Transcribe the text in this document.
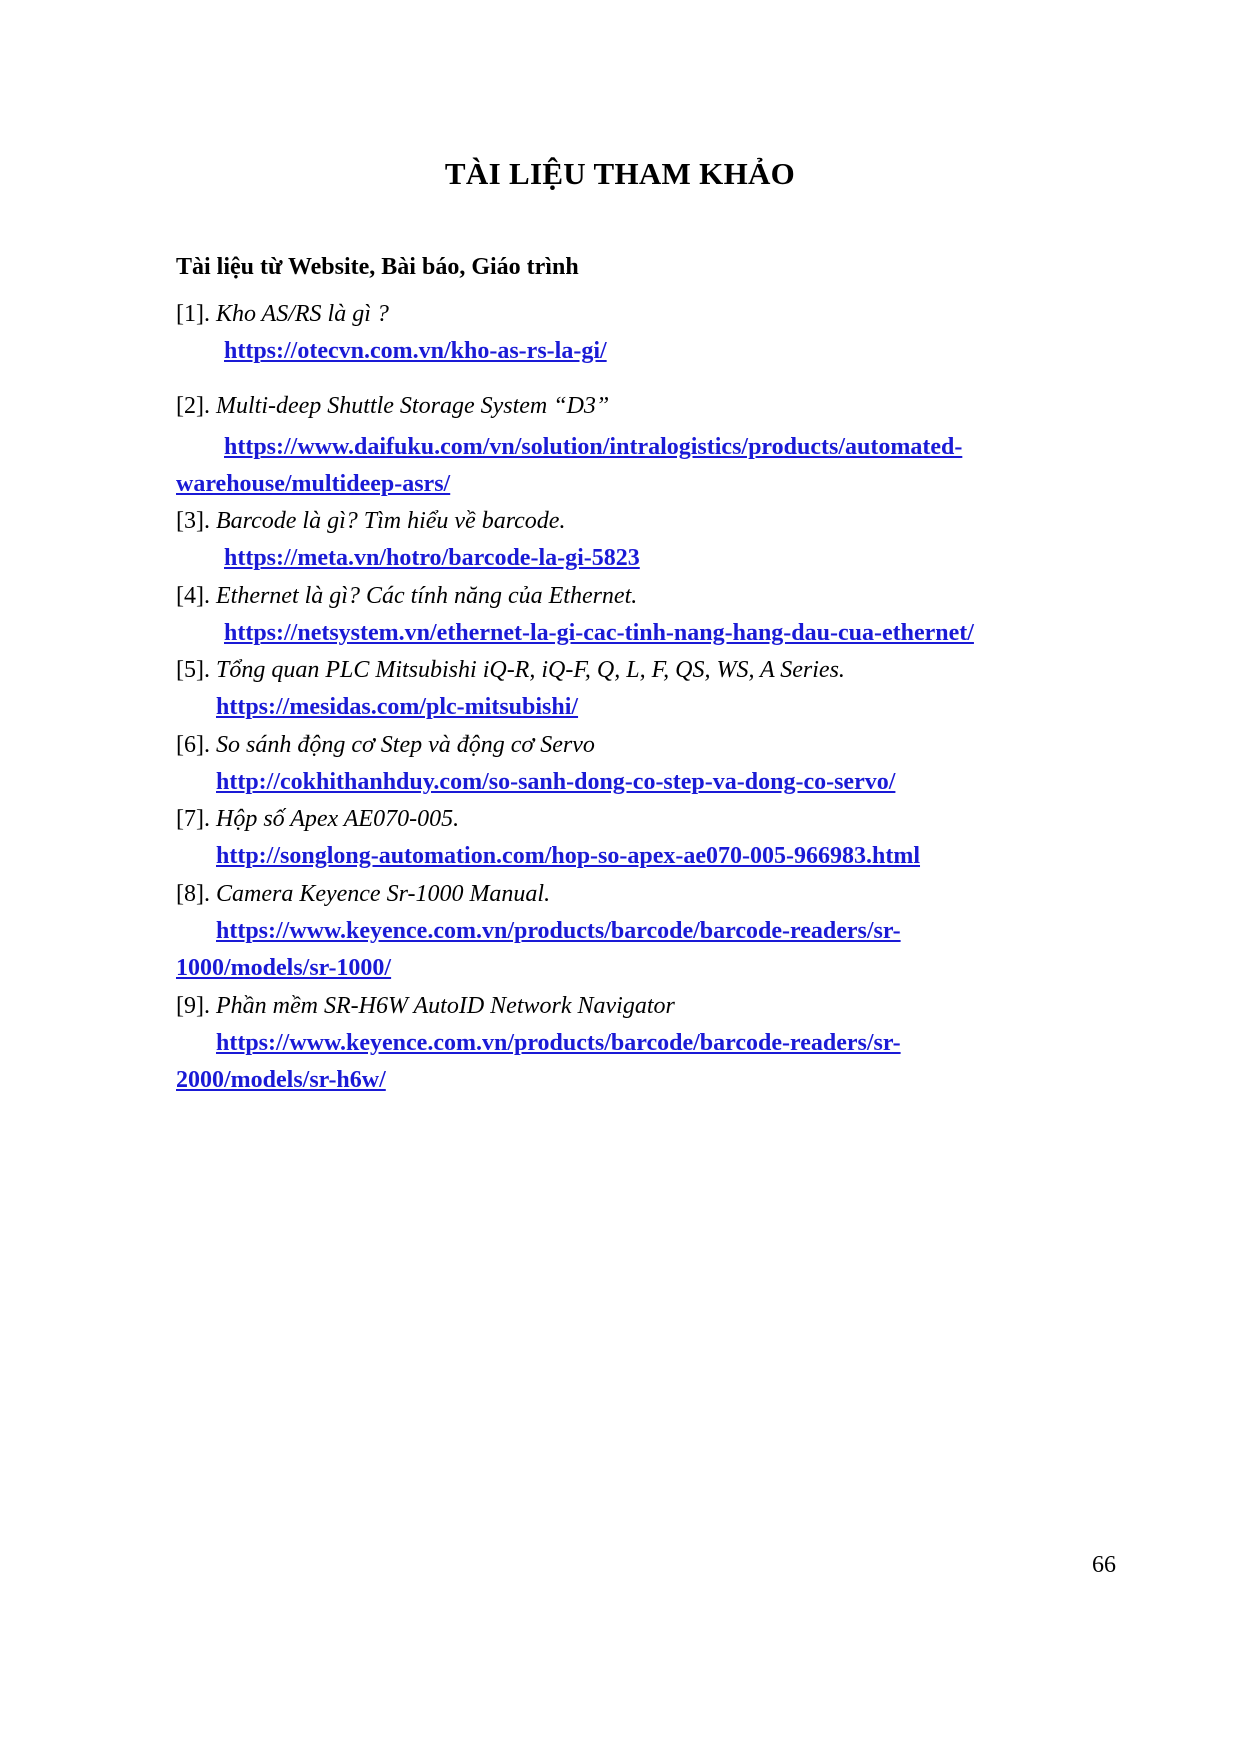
TÀI LIỆU THAM KHẢO
Tài liệu từ Website, Bài báo, Giáo trình
[1]. Kho AS/RS là gì ?
https://otecvn.com.vn/kho-as-rs-la-gi/
[2]. Multi-deep Shuttle Storage System “D3”
https://www.daifuku.com/vn/solution/intralogistics/products/automated-
warehouse/multideep-asrs/
[3]. Barcode là gì? Tìm hiểu về barcode.
https://meta.vn/hotro/barcode-la-gi-5823
[4]. Ethernet là gì? Các tính năng của Ethernet.
https://netsystem.vn/ethernet-la-gi-cac-tinh-nang-hang-dau-cua-ethernet/
[5]. Tổng quan PLC Mitsubishi iQ-R, iQ-F, Q, L, F, QS, WS, A Series.
https://mesidas.com/plc-mitsubishi/
[6]. So sánh động cơ Step và động cơ Servo
http://cokhithanhduy.com/so-sanh-dong-co-step-va-dong-co-servo/
[7]. Hộp số Apex AE070-005.
http://songlong-automation.com/hop-so-apex-ae070-005-966983.html
[8]. Camera Keyence Sr-1000 Manual.
https://www.keyence.com.vn/products/barcode/barcode-readers/sr-
1000/models/sr-1000/
[9]. Phần mềm SR-H6W AutoID Network Navigator
https://www.keyence.com.vn/products/barcode/barcode-readers/sr-
2000/models/sr-h6w/
66
